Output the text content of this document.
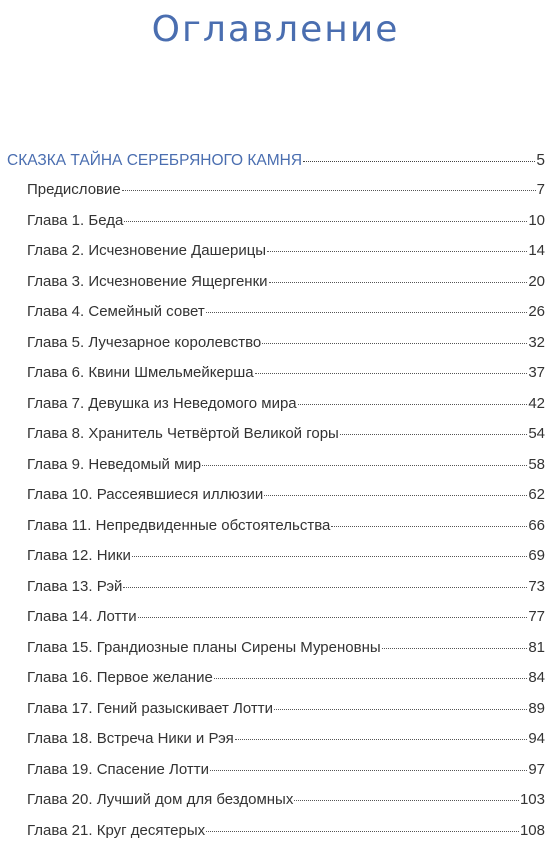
Оглавление
СКАЗКА ТАЙНА СЕРЕБРЯНОГО КАМНЯ	5
Предисловие	7
Глава 1. Беда	10
Глава 2. Исчезновение Дашерицы	14
Глава 3. Исчезновение Ящергенки	20
Глава 4. Семейный совет	26
Глава 5. Лучезарное королевство	32
Глава 6. Квини Шмельмейкерша	37
Глава 7. Девушка из Неведомого мира	42
Глава 8. Хранитель Четвёртой Великой горы	54
Глава 9. Неведомый мир	58
Глава 10. Рассеявшиеся иллюзии	62
Глава 11. Непредвиденные обстоятельства	66
Глава 12. Ники	69
Глава 13. Рэй	73
Глава 14. Лотти	77
Глава 15. Грандиозные планы Сирены Муреновны	81
Глава 16. Первое желание	84
Глава 17. Гений разыскивает Лотти	89
Глава 18. Встреча Ники и Рэя	94
Глава 19. Спасение Лотти	97
Глава 20. Лучший дом для бездомных	103
Глава 21. Круг десятерых	108
